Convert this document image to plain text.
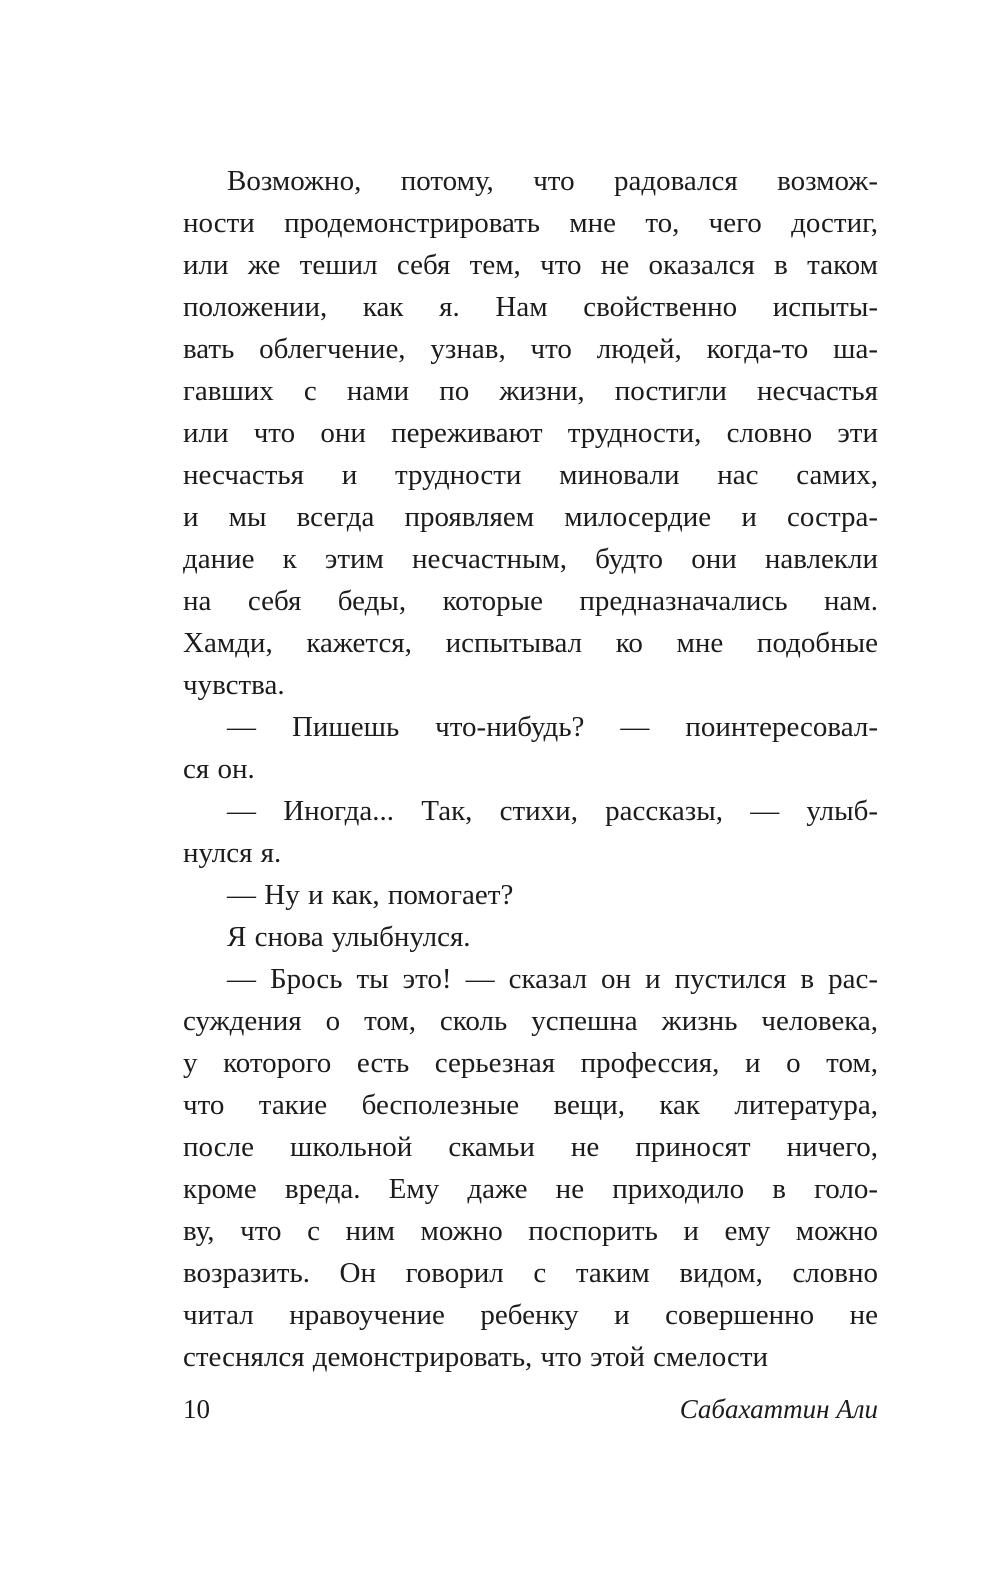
Возможно, потому, что радовался возмож-
ности продемонстрировать мне то, чего достиг,
или же тешил себя тем, что не оказался в таком
положении, как я. Нам свойственно испыты-
вать облегчение, узнав, что людей, когда-то ша-
гавших с нами по жизни, постигли несчастья
или что они переживают трудности, словно эти
несчастья и трудности миновали нас самих,
и мы всегда проявляем милосердие и состра-
дание к этим несчастным, будто они навлекли
на себя беды, которые предназначались нам.
Хамди, кажется, испытывал ко мне подобные
чувства.
— Пишешь что-нибудь? — поинтересовал-
ся он.
— Иногда... Так, стихи, рассказы, — улыб-
нулся я.
— Ну и как, помогает?
Я снова улыбнулся.
— Брось ты это! — сказал он и пустился в рас-
суждения о том, сколь успешна жизнь человека,
у которого есть серьезная профессия, и о том,
что такие бесполезные вещи, как литература,
после школьной скамьи не приносят ничего,
кроме вреда. Ему даже не приходило в голо-
ву, что с ним можно поспорить и ему можно
возразить. Он говорил с таким видом, словно
читал нравоучение ребенку и совершенно не
стеснялся демонстрировать, что этой смелости
10	Сабахаттин Али
